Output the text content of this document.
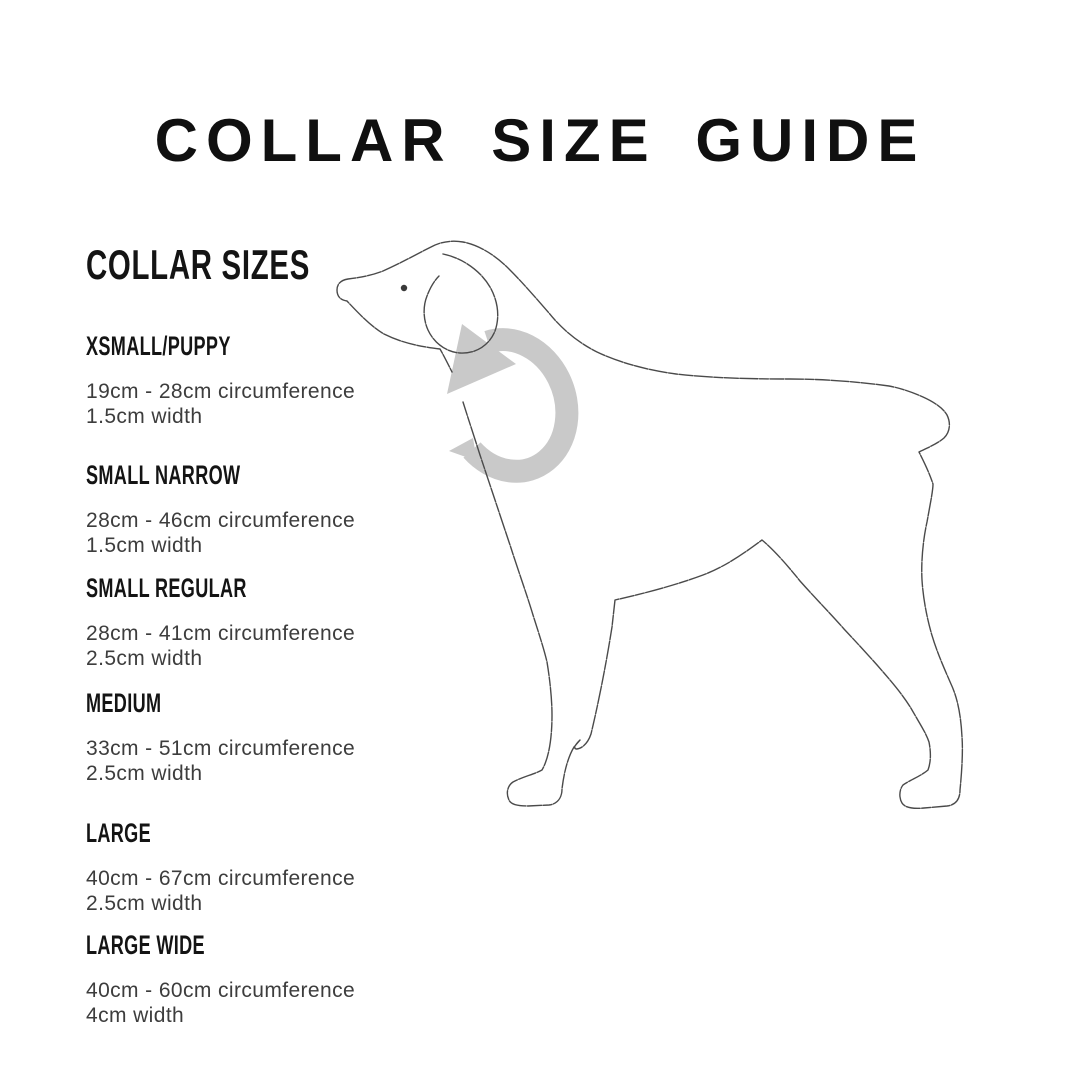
COLLAR SIZE GUIDE
COLLAR SIZES
XSMALL/PUPPY

19cm - 28cm circumference

1.5cm width

SMALL NARROW

28cm - 46cm circumference

1.5cm width

SMALL REGULAR

28cm - 41cm circumference

2.5cm width

MEDIUM

33cm - 51cm circumference

2.5cm width

LARGE

40cm - 67cm circumference

2.5cm width

LARGE WIDE

40cm - 60cm circumference

4cm width
